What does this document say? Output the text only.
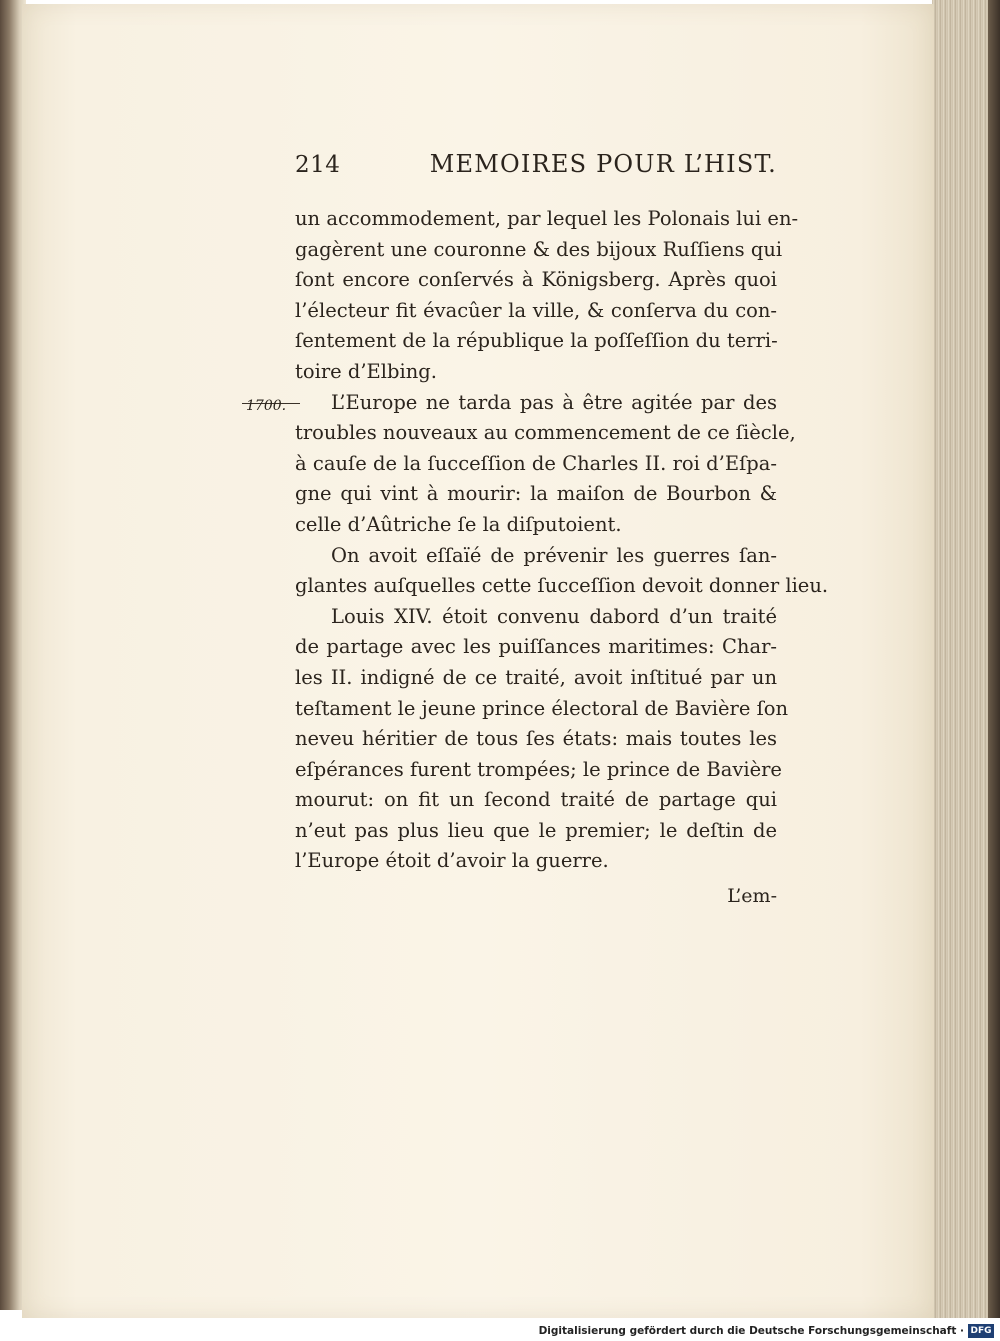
214	MEMOIRES POUR L’HIST.
un accommodement, par lequel les Polonais lui en-
gagèrent une couronne & des bijoux Ruſſiens qui
ſont encore conſervés à Königsberg. Après quoi
l’électeur fit évacûer la ville, & conſerva du con-
ſentement de la république la poſſeſſion du terri-
toire d’Elbing.
L’Europe ne tarda pas à être agitée par des
troubles nouveaux au commencement de ce ſiècle,
à cauſe de la ſucceſſion de Charles II. roi d’Eſpa-
gne qui vint à mourir: la maiſon de Bourbon &
celle d’Aûtriche ſe la diſputoient.
On avoit eſſaïé de prévenir les guerres ſan-
glantes auſquelles cette ſucceſſion devoit donner lieu.
Louis XIV. étoit convenu dabord d’un traité
de partage avec les puiſſances maritimes: Char-
les II. indigné de ce traité, avoit inſtitué par un
teſtament le jeune prince électoral de Bavière ſon
neveu héritier de tous ſes états: mais toutes les
eſpérances furent trompées; le prince de Bavière
mourut: on fit un ſecond traité de partage qui
n’eut pas plus lieu que le premier; le deſtin de
l’Europe étoit d’avoir la guerre.
L’em-
1700.
Digitalisierung gefördert durch die Deutsche Forschungsgemeinschaft · DFG
